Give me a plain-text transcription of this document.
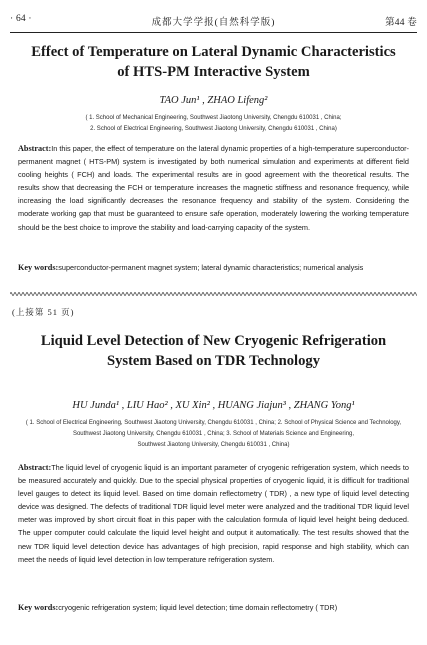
· 64 ·	成都大学学报(自然科学版)	第44 卷
Effect of Temperature on Lateral Dynamic Characteristics
of HTS-PM Interactive System
TAO Jun¹ , ZHAO Lifeng²
( 1. School of Mechanical Engineering, Southwest Jiaotong University, Chengdu 610031 , China;
2. School of Electrical Engineering, Southwest Jiaotong University, Chengdu 610031 , China)
Abstract:In this paper, the effect of temperature on the lateral dynamic properties of a high-temperature superconductor-permanent magnet ( HTS-PM) system is investigated by both numerical simulation and experiments at different field cooling heights ( FCH) and loads. The experimental results are in good agreement with the theoretical results. The results show that decreasing the FCH or temperature increases the magnetic stiffness and resonance frequency, while increasing the load significantly decreases the resonance frequency and stability of the system. Considering the moderate working gap that must be guaranteed to ensure safe operation, moderately lowering the working temperature should be the best choice to improve the stability and load-carrying capacity of the system.
Key words:superconductor-permanent magnet system; lateral dynamic characteristics; numerical analysis
(上接第 51 页)
Liquid Level Detection of New Cryogenic Refrigeration
System Based on TDR Technology
HU Junda¹ , LIU Hao² , XU Xin² , HUANG Jiajun³ , ZHANG Yong¹
( 1. School of Electrical Engineering, Southwest Jiaotong University, Chengdu 610031 , China; 2. School of Physical Science and Technology,
Southwest Jiaotong University, Chengdu 610031 , China; 3. School of Materials Science and Engineering,
Southwest Jiaotong University, Chengdu 610031 , China)
Abstract:The liquid level of cryogenic liquid is an important parameter of cryogenic refrigeration system, which needs to be measured accurately and quickly. Due to the special physical properties of cryogenic liquid, it is difficult for traditional level gauges to detect its liquid level. Based on time domain reflectometry ( TDR) , a new type of liquid level detecting device was designed. The defects of traditional TDR liquid level meter were analyzed and the traditional TDR liquid level meter was improved by short circuit float in this paper with the calculation formula of liquid level height being deduced. The upper computer could calculate the liquid level height and output it automatically. The test results showed that the new TDR liquid level detection device has advantages of high precision, rapid response and high stability, which can meet the needs of liquid level detection in low temperature refrigeration system.
Key words:cryogenic refrigeration system; liquid level detection; time domain reflectometry ( TDR)
